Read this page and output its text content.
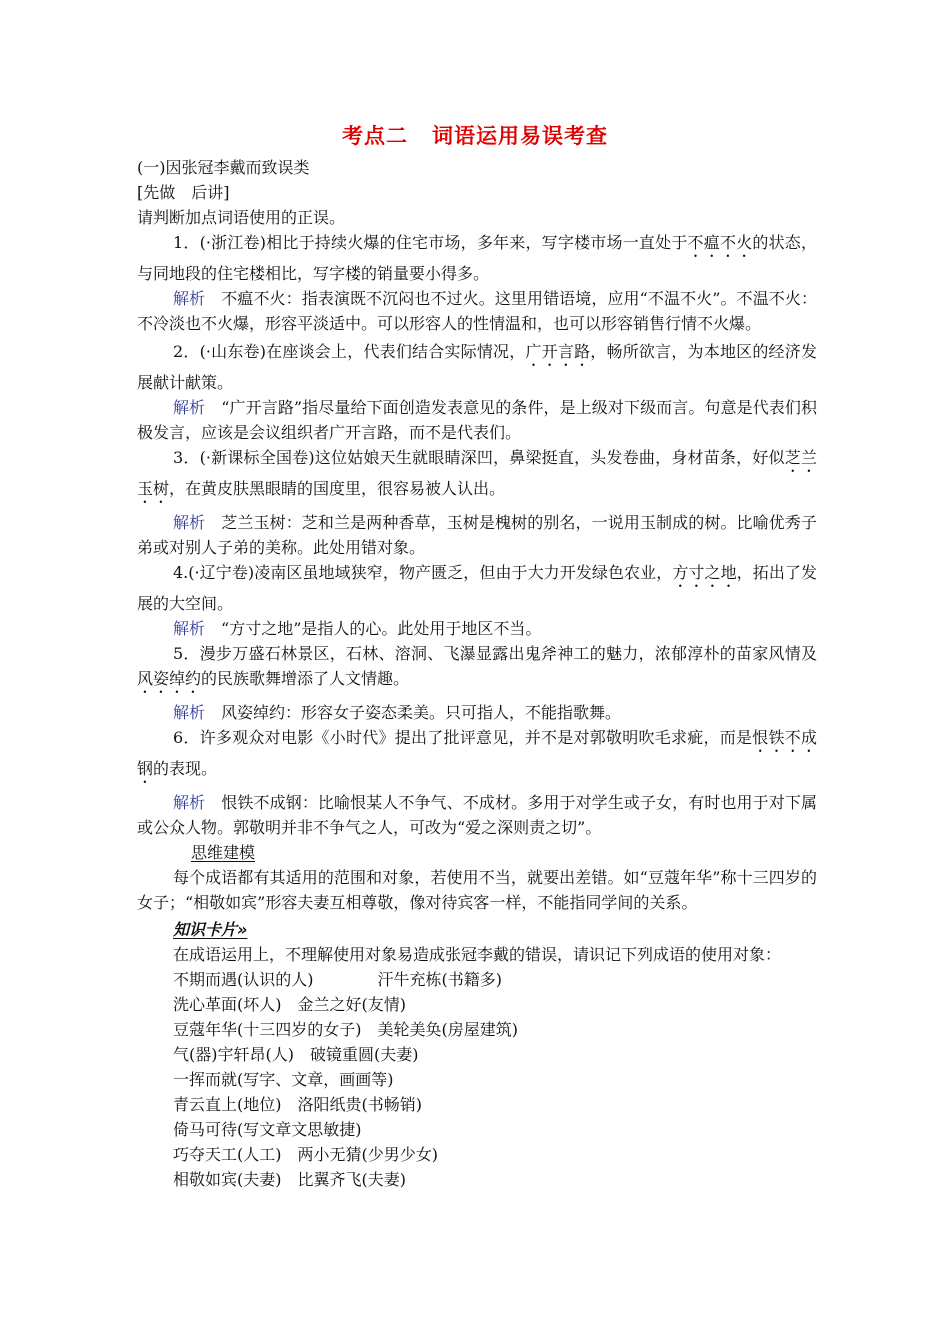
考点二 词语运用易误考查
(一)因张冠李戴而致误类
[先做　后讲]
请判断加点词语使用的正误。

1．(·浙江卷)相比于持续火爆的住宅市场，多年来，写字楼市场一直处于不瘟不火的状态，与同地段的住宅楼相比，写字楼的销量要小得多。

解析　 不瘟不火：指表演既不沉闷也不过火。这里用错语境，应用“不温不火”。不温不火：不冷淡也不火爆，形容平淡适中。可以形容人的性情温和，也可以形容销售行情不火爆。

2．(·山东卷)在座谈会上，代表们结合实际情况，广开言路，畅所欲言，为本地区的经济发展献计献策。

解析　 “广开言路”指尽量给下面创造发表意见的条件，是上级对下级而言。句意是代表们积极发言，应该是会议组织者广开言路，而不是代表们。

3．(·新课标全国卷)这位姑娘天生就眼睛深凹，鼻梁挺直，头发卷曲，身材苗条，好似芝兰玉树，在黄皮肤黑眼睛的国度里，很容易被人认出。

解析　 芝兰玉树：芝和兰是两种香草，玉树是槐树的别名，一说用玉制成的树。比喻优秀子弟或对别人子弟的美称。此处用错对象。

4.(·辽宁卷)凌南区虽地域狭窄，物产匮乏，但由于大力开发绿色农业，方寸之地，拓出了发展的大空间。

解析　 “方寸之地”是指人的心。此处用于地区不当。

5．漫步万盛石林景区，石林、溶洞、飞瀑显露出鬼斧神工的魅力，浓郁淳朴的苗家风情及风姿绰约的民族歌舞增添了人文情趣。

解析　 风姿绰约：形容女子姿态柔美。只可指人，不能指歌舞。

6．许多观众对电影《小时代》提出了批评意见，并不是对郭敬明吹毛求疵，而是恨铁不成钢的表现。

解析　 恨铁不成钢：比喻恨某人不争气、不成材。多用于对学生或子女，有时也用于对下属或公众人物。郭敬明并非不争气之人，可改为“爱之深则责之切”。

思维建模

每个成语都有其适用的范围和对象，若使用不当，就要出差错。如“豆蔻年华”称十三四岁的女子；“相敬如宾”形容夫妻互相尊敬，像对待宾客一样，不能指同学间的关系。

知识卡片»

在成语运用上，不理解使用对象易造成张冠李戴的错误，请识记下列成语的使用对象：

不期而遇(认识的人)　　　　汗牛充栋(书籍多)
洗心革面(坏人)　金兰之好(友情)
豆蔻年华(十三四岁的女子)　美轮美奂(房屋建筑)
气(器)宇轩昂(人)　破镜重圆(夫妻)
一挥而就(写字、文章，画画等)
青云直上(地位)　洛阳纸贵(书畅销)
倚马可待(写文章文思敏捷)
巧夺天工(人工)　两小无猜(少男少女)
相敬如宾(夫妻)　比翼齐飞(夫妻)
